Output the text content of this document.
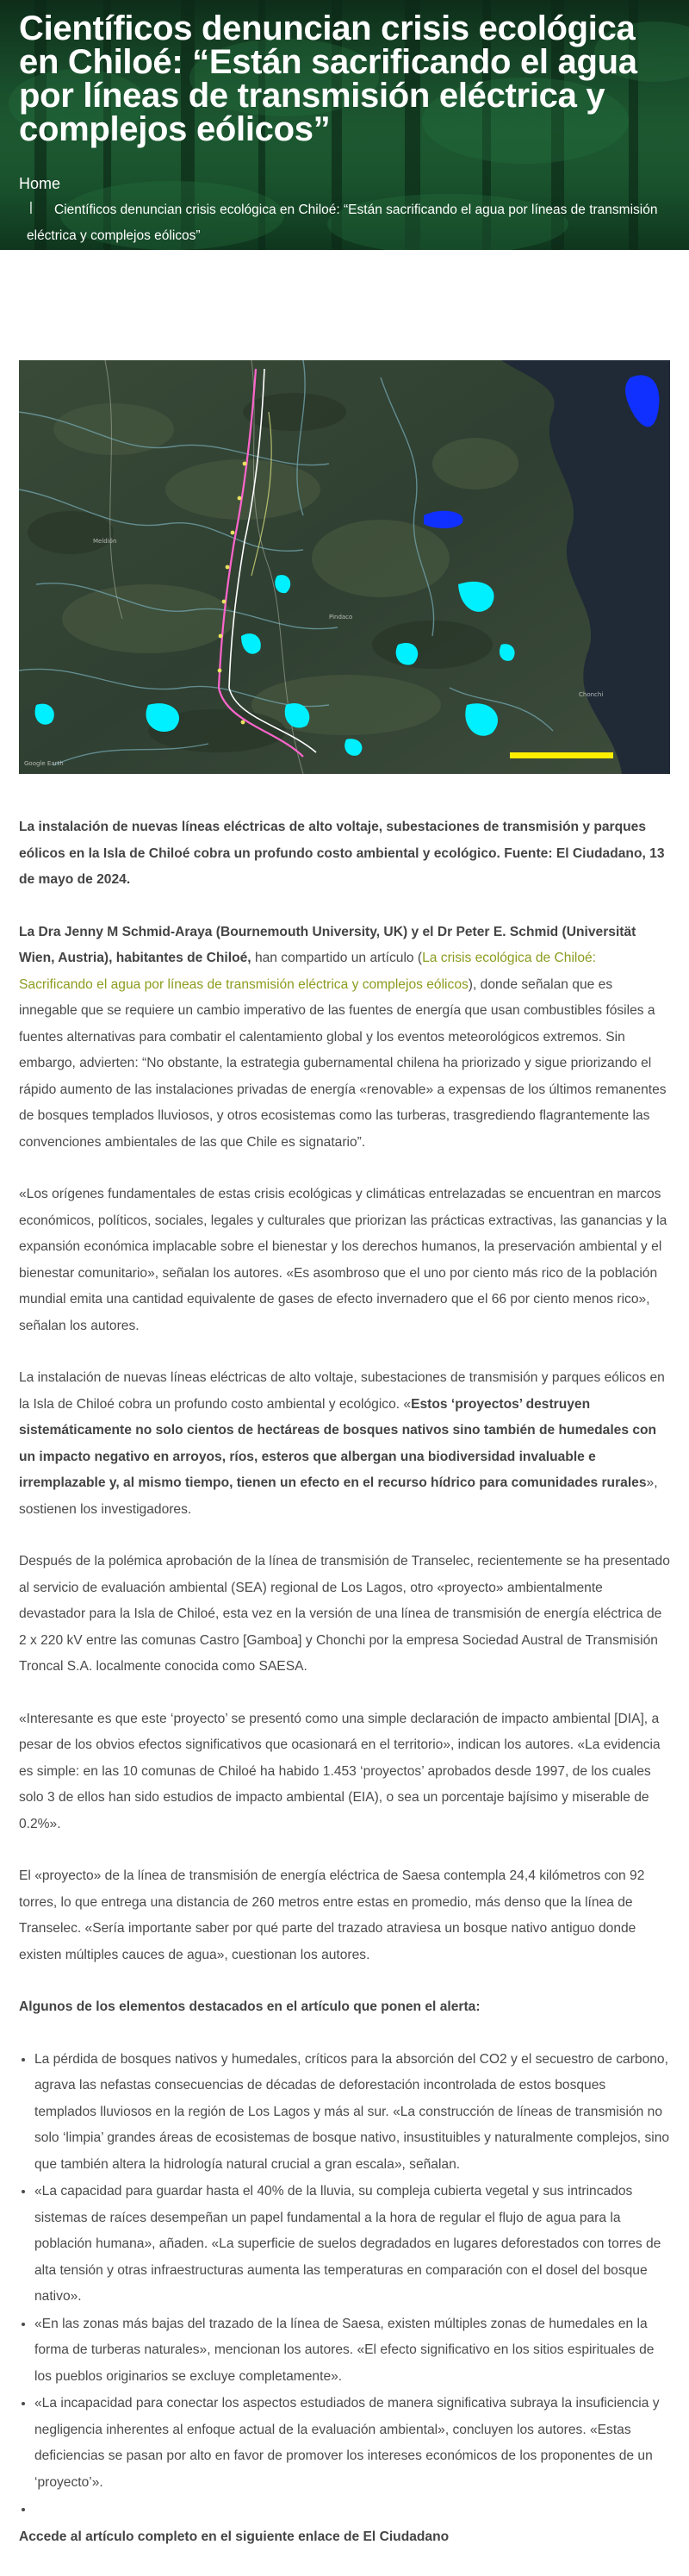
Científicos denuncian crisis ecológica en Chiloé: “Están sacrificando el agua por líneas de transmisión eléctrica y complejos eólicos”
Home
|	Científicos denuncian crisis ecológica en Chiloé: “Están sacrificando el agua por líneas de transmisión eléctrica y complejos eólicos”
Meldión
Pindaco
Chonchi
Google Earth

La instalación de nuevas líneas eléctricas de alto voltaje, subestaciones de transmisión y parques eólicos en la Isla de Chiloé cobra un profundo costo ambiental y ecológico. Fuente: El Ciudadano, 13 de mayo de 2024.

La Dra Jenny M Schmid-Araya (Bournemouth University, UK) y el Dr Peter E. Schmid (Universität Wien, Austria), habitantes de Chiloé, han compartido un artículo (La crisis ecológica de Chiloé: Sacrificando el agua por líneas de transmisión eléctrica y complejos eólicos), donde señalan que es innegable que se requiere un cambio imperativo de las fuentes de energía que usan combustibles fósiles a fuentes alternativas para combatir el calentamiento global y los eventos meteorológicos extremos. Sin embargo, advierten: “No obstante, la estrategia gubernamental chilena ha priorizado y sigue priorizando el rápido aumento de las instalaciones privadas de energía «renovable» a expensas de los últimos remanentes de bosques templados lluviosos, y otros ecosistemas como las turberas, trasgrediendo flagrantemente las convenciones ambientales de las que Chile es signatario”.

«Los orígenes fundamentales de estas crisis ecológicas y climáticas entrelazadas se encuentran en marcos económicos, políticos, sociales, legales y culturales que priorizan las prácticas extractivas, las ganancias y la expansión económica implacable sobre el bienestar y los derechos humanos, la preservación ambiental y el bienestar comunitario», señalan los autores. «Es asombroso que el uno por ciento más rico de la población mundial emita una cantidad equivalente de gases de efecto invernadero que el 66 por ciento menos rico», señalan los autores.

La instalación de nuevas líneas eléctricas de alto voltaje, subestaciones de transmisión y parques eólicos en la Isla de Chiloé cobra un profundo costo ambiental y ecológico. «Estos ‘proyectos’ destruyen sistemáticamente no solo cientos de hectáreas de bosques nativos sino también de humedales con un impacto negativo en arroyos, ríos, esteros que albergan una biodiversidad invaluable e irremplazable y, al mismo tiempo, tienen un efecto en el recurso hídrico para comunidades rurales», sostienen los investigadores.

Después de la polémica aprobación de la línea de transmisión de Transelec, recientemente se ha presentado al servicio de evaluación ambiental (SEA) regional de Los Lagos, otro «proyecto» ambientalmente devastador para la Isla de Chiloé, esta vez en la versión de una línea de transmisión de energía eléctrica de 2 x 220 kV entre las comunas Castro [Gamboa] y Chonchi por la empresa Sociedad Austral de Transmisión Troncal S.A. localmente conocida como SAESA.

«Interesante es que este ‘proyecto’ se presentó como una simple declaración de impacto ambiental [DIA], a pesar de los obvios efectos significativos que ocasionará en el territorio», indican los autores. «La evidencia es simple: en las 10 comunas de Chiloé ha habido 1.453 ‘proyectos’ aprobados desde 1997, de los cuales solo 3 de ellos han sido estudios de impacto ambiental (EIA), o sea un porcentaje bajísimo y miserable de 0.2%».

El «proyecto» de la línea de transmisión de energía eléctrica de Saesa contempla 24,4 kilómetros con 92 torres, lo que entrega una distancia de 260 metros entre estas en promedio, más denso que la línea de Transelec. «Sería importante saber por qué parte del trazado atraviesa un bosque nativo antiguo donde existen múltiples cauces de agua», cuestionan los autores.

Algunos de los elementos destacados en el artículo que ponen el alerta:
• La pérdida de bosques nativos y humedales, críticos para la absorción del CO2 y el secuestro de carbono, agrava las nefastas consecuencias de décadas de deforestación incontrolada de estos bosques templados lluviosos en la región de Los Lagos y más al sur. «La construcción de líneas de transmisión no solo ‘limpia’ grandes áreas de ecosistemas de bosque nativo, insustituibles y naturalmente complejos, sino que también altera la hidrología natural crucial a gran escala», señalan.
• «La capacidad para guardar hasta el 40% de la lluvia, su compleja cubierta vegetal y sus intrincados sistemas de raíces desempeñan un papel fundamental a la hora de regular el flujo de agua para la población humana», añaden. «La superficie de suelos degradados en lugares deforestados con torres de alta tensión y otras infraestructuras aumenta las temperaturas en comparación con el dosel del bosque nativo».
• «En las zonas más bajas del trazado de la línea de Saesa, existen múltiples zonas de humedales en la forma de turberas naturales», mencionan los autores. «El efecto significativo en los sitios espirituales de los pueblos originarios se excluye completamente».
• «La incapacidad para conectar los aspectos estudiados de manera significativa subraya la insuficiencia y negligencia inherentes al enfoque actual de la evaluación ambiental», concluyen los autores. «Estas deficiencias se pasan por alto en favor de promover los intereses económicos de los proponentes de un ‘proyecto’».
•

Accede al artículo completo en el siguiente enlace de El Ciudadano
